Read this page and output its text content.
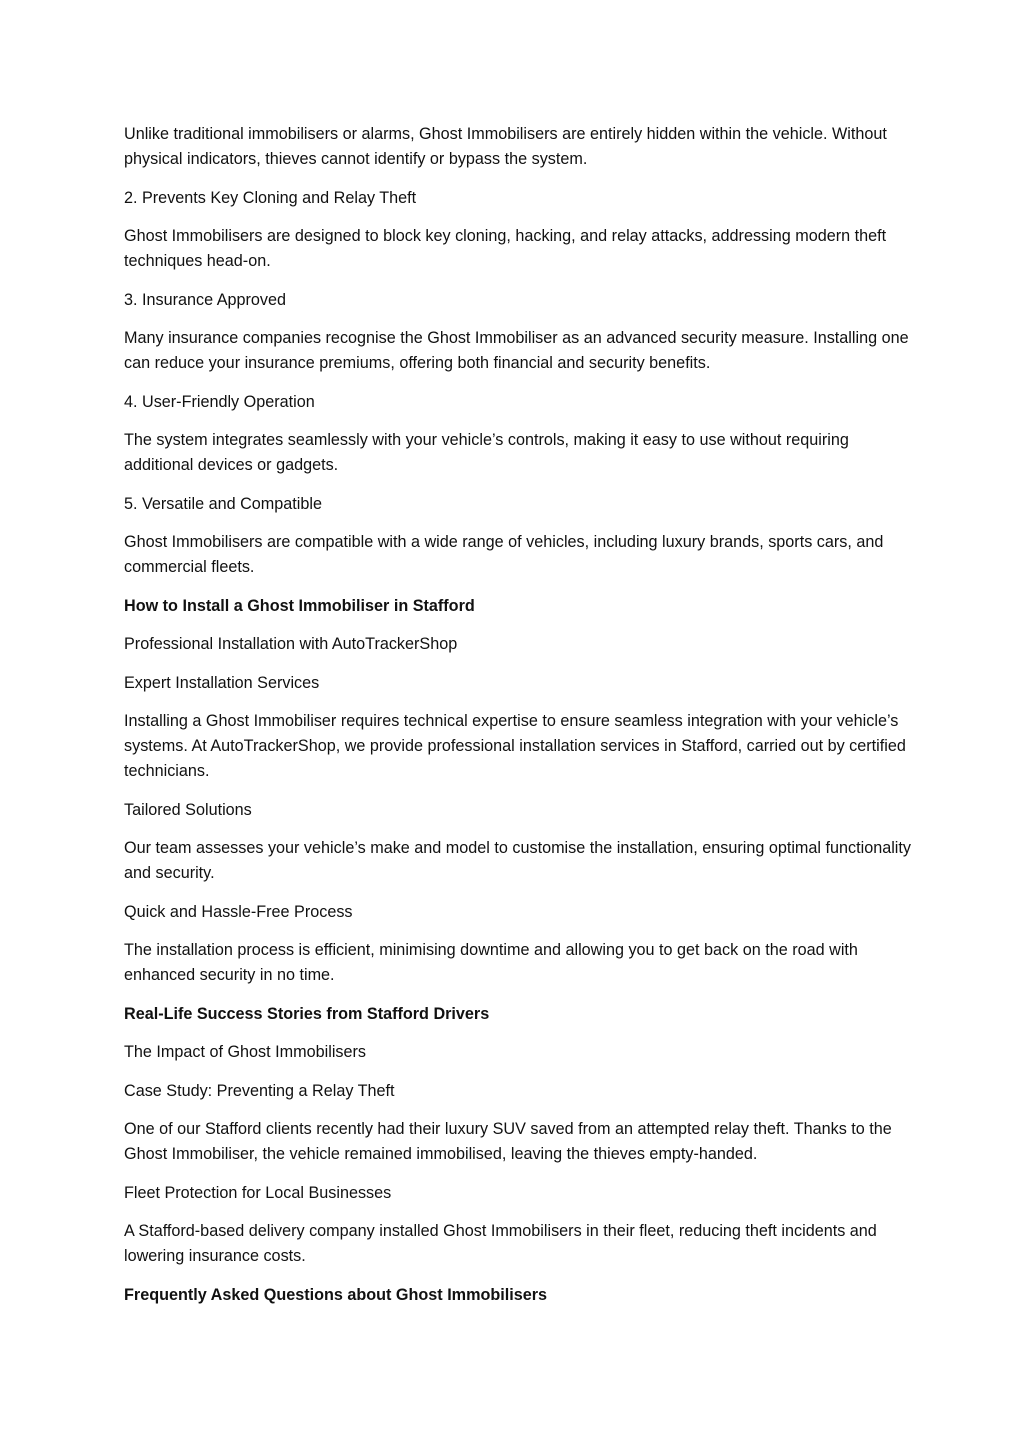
Unlike traditional immobilisers or alarms, Ghost Immobilisers are entirely hidden within the vehicle. Without physical indicators, thieves cannot identify or bypass the system.

2. Prevents Key Cloning and Relay Theft

Ghost Immobilisers are designed to block key cloning, hacking, and relay attacks, addressing modern theft techniques head-on.

3. Insurance Approved

Many insurance companies recognise the Ghost Immobiliser as an advanced security measure. Installing one can reduce your insurance premiums, offering both financial and security benefits.

4. User-Friendly Operation

The system integrates seamlessly with your vehicle’s controls, making it easy to use without requiring additional devices or gadgets.

5. Versatile and Compatible

Ghost Immobilisers are compatible with a wide range of vehicles, including luxury brands, sports cars, and commercial fleets.

How to Install a Ghost Immobiliser in Stafford

Professional Installation with AutoTrackerShop

Expert Installation Services

Installing a Ghost Immobiliser requires technical expertise to ensure seamless integration with your vehicle’s systems. At AutoTrackerShop, we provide professional installation services in Stafford, carried out by certified technicians.

Tailored Solutions

Our team assesses your vehicle’s make and model to customise the installation, ensuring optimal functionality and security.

Quick and Hassle-Free Process

The installation process is efficient, minimising downtime and allowing you to get back on the road with enhanced security in no time.

Real-Life Success Stories from Stafford Drivers

The Impact of Ghost Immobilisers

Case Study: Preventing a Relay Theft

One of our Stafford clients recently had their luxury SUV saved from an attempted relay theft. Thanks to the Ghost Immobiliser, the vehicle remained immobilised, leaving the thieves empty-handed.

Fleet Protection for Local Businesses

A Stafford-based delivery company installed Ghost Immobilisers in their fleet, reducing theft incidents and lowering insurance costs.

Frequently Asked Questions about Ghost Immobilisers
